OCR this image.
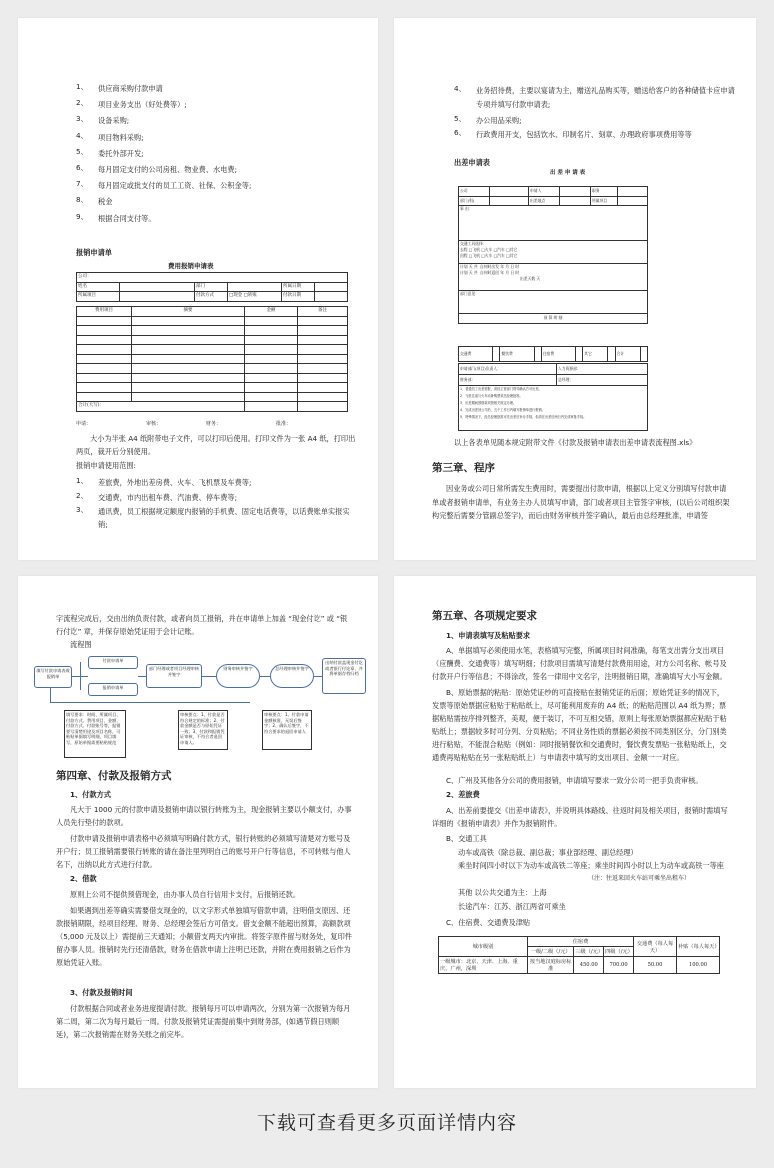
1、 供应商采购付款申请
2、 项目业务支出（好处费等）;
3、 设备采购;
4、 项目物料采购;
5、 委托外部开发;
6、 每月固定支付的公司房租、物业费、水电费;
7、 每月固定或批支付的员工工资、社保、公积金等;
8、 税金
9、 根据合同支付等。
报销申请单
费用报销申请表
公司：					
姓名		部门		所属日期	
所属项目		付款方式	□现金 □转账	付款日期	
费用项目	摘要	金额	备注

合计(大写)：			
申请：	审核：	财务：	批准：
大小为半张 A4 纸附带电子文件，可以打印后使用。打印文件为一张 A4 纸，打印出两页，裁开后分别使用。
报销申请使用范围:
1、 差旅费，外地出差房费、火车、飞机票及车费等;
2、 交通费，市内出租车费、汽油费、停车费等;
3、 通讯费，员工根据规定额度内报销的手机费、固定电话费等，以话费账单实报实销;
4、 业务招待费，主要以宴请为主，赠送礼品购买等，赠送给客户的各种储值卡应申请专项并填写付款申请表;
5、 办公用品采购;
6、 行政费用开支，包括饮水、印制名片、刻章、办理政府事项费用等等
出差申请表
出 差 申 请 表
公司		申请人		职务	
部门(科)		出差地点		所属项目	
事 由：					

交通工具选择：
去程 □飞机 □火车 □汽车 □其它
回程 □飞机 □火车 □汽车 □其它					

计划 天 共 自何时出发 年 月 日 时
计划 天 共 自何时返回 年 月 日 时
出差天数 天					

部门意见：					
预 算 明 细					
交通费		餐饮费		住宿费		其它		合计	
申请部门(项目)负责人：	人力资源部：
财务部：	总经理：

1、普通员工出差需报，须经主管部门领导确认方可出差。
2、飞机往返与火车动卧购票须总经理批准。
3、出差期间预借款项按相关规定办理。
4、完成出差回公司后，五个工作日内填写报销单进行报销。
5、特殊情况下，经总经理批准可先出差后补办手续，但须在出差后两日内完成审批手续。	
以上各表单见随本规定附带文件《付款及报销申请表出差申请表流程图.xls》
第三章、程序
因业务或公司日常所需发生费用时，需要提出付款申请，根据以上定义分别填写付款申请单或者报销申请单，有业务主办人员填写申请，部门或者项目主管签字审核，(以后公司组织架构完整后需要分管副总签字)，而后由财务审核并签字确认，最后由总经理批准，申请签
字流程完成后，交由出纳负责付款，或者向员工报销，并在申请单上加盖 “现金付讫” 或 “银行付讫” 章，并保存原始凭证用于会计记账。
流程图
填写付款申请表或报销单
付款申请单
报销申请单
部门经理或者项目经理审核并签字
财务审核并签字	总经理审核并签字
出纳付款盖现金付讫或者银行付讫章，并将单据存档归档
填写要求：时间、所属项目、付款方式、费用项目、金额、付款方式、付款账号等，报销要写清楚用途及项目名称，可粘贴单据填写明细，项目填写，原始单据需要粘贴规范
审核要点：1、付款是否符合规定的标准；2、付款金额是否与原始凭证一致；3、付款和报销凭证审核，不符合者退回申请人。
审核要点：1、付款申请金额核准、无误后签字；2、确认后签字，不符合要求的退回申请人
第四章、付款及报销方式
1、付款方式
凡大于 1000 元的付款申请及报销申请以银行转账为主，现金报销主要以小额支付，办事人员先行垫付的款项。
付款申请及报销申请表格中必须填写明确付款方式，银行转账的必须填写清楚对方账号及开户行；员工报销需要银行转账的请在备注里列明自己的账号开户行等信息，不可转账与他人名下，出纳以此方式进行付款。
2、借款
原则上公司不提供预借现金，由办事人员自行信用卡支付，后报销还款。
如果遇到出差等确实需要借支现金的，以文字形式单独填写借款申请，注明借支原因、还款报销期限，经项目经理、财务、总经理会签后方可借支。借支金额不能超出预算，高额款项（5,000 元及以上）需提前三天通知；小额借支两天内审批。将签字原件留与财务处，复印件留办事人员。报销时先行还清借款，财务在借款申请上注明已还款，并附在费用报销之后作为原始凭证入账。
3、付款及报销时间
付款根据合同或者业务进度提请付款。报销每月可以申请两次，分别为第一次报销为每月第二周，第二次为每月最后一周。付款及报销凭证需提前集中到财务部，(如遇节假日则顺延)，第二次报销需在财务关账之前完毕。
第五章、各项规定要求
1、申请表填写及粘贴要求
A、单据填写必须使用水笔，表格填写完整，所属项目时间准确，每笔支出需分支出项目（应酬费、交通费等）填写明细；付款项目需填写清楚付款费用用途，对方公司名称、帐号及付款开户行等信息；不得涂改，签名一律用中文名字，注明报销日期，准确填写大小写金额。
B、原始票据的粘贴：原始凭证纱的可直接贴在报销凭证的后面；原始凭证多的情况下，发票等原始票据应粘贴于粘贴纸上，尽可能利用废弃的 A4 纸；的粘贴范围以 A4 纸为界；票据粘贴需按序排列整齐，美观，便于装订，不可互相交错，原则上每张原始票据都应粘贴于粘贴纸上；票据较多时可分列、分页粘贴；不同业务性质的票据必须按不同类别区分，分门别类进行粘贴，不能混合粘贴（例如：同时报销餐饮和交通费时，餐饮费发票贴一张粘贴纸上，交通费再贴粘贴在另一张粘贴纸上）与申请表中填写的支出项目、金额一一对应。
C、广州及其他各分公司的费用报销，申请填写要求一致分公司一把手负责审核。
2、差旅费
A、出差前要提交《出差申请表》，并说明具体路线、往返时间及相关项目，报销时需填写详细的《报销申请表》并作为报销附件。
B、交通工具
动车或高铁（除总裁、副总裁；事业部经理、副总经理）
乘坐时间四小时以下为动车或高铁二等座；乘坐时间四小时以上为动车或高铁一等座
（注：往返来回火车站可乘坐出租车）
其他 以公共交通为主：上海
长途汽车：江苏、浙江两省可乘坐
C、住宿费、交通费及津贴
城市级别	住宿费			交通费（每人每天）	补贴（每人每天）
	一级/二级（/元）	三级（/元）	四级（/元）		
一级城市：北京、天津、上海、重庆，广州，深圳	按当地汉庭标房标准	450.00	700.00	50.00	100.00
下载可查看更多页面详情内容
